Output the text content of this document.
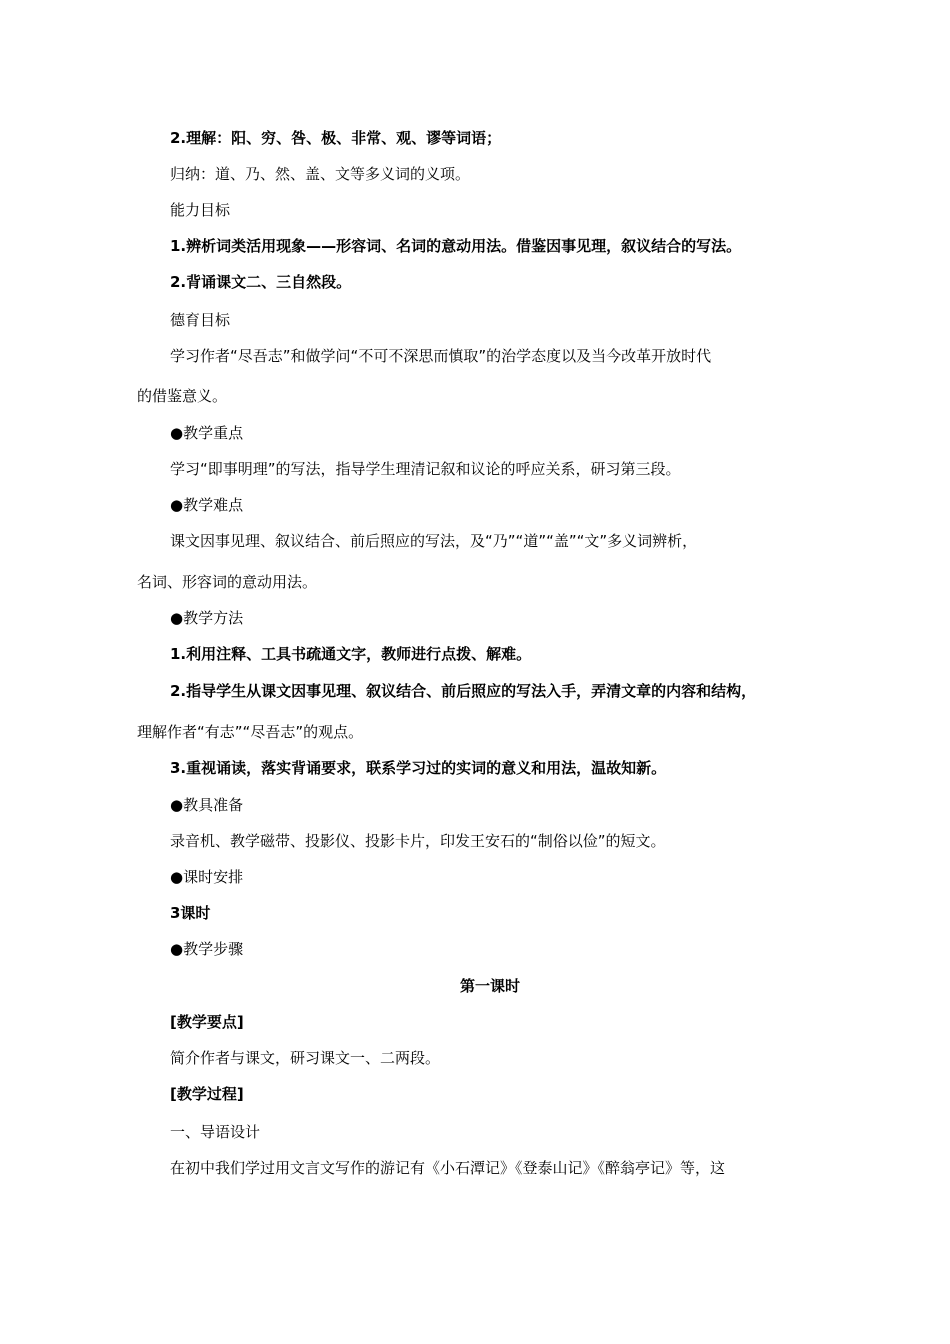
2.理解：阳、穷、咎、极、非常、观、谬等词语；
归纳：道、乃、然、盖、文等多义词的义项。
能力目标
1.辨析词类活用现象——形容词、名词的意动用法。借鉴因事见理，叙议结合的写法。
2.背诵课文二、三自然段。
德育目标
学习作者“尽吾志”和做学问“不可不深思而慎取”的治学态度以及当今改革开放时代
的借鉴意义。
●教学重点
学习“即事明理”的写法，指导学生理清记叙和议论的呼应关系，研习第三段。
●教学难点
课文因事见理、叙议结合、前后照应的写法，及“乃”“道”“盖”“文”多义词辨析，
名词、形容词的意动用法。
●教学方法
1.利用注释、工具书疏通文字，教师进行点拨、解难。
2.指导学生从课文因事见理、叙议结合、前后照应的写法入手，弄清文章的内容和结构，
理解作者“有志”“尽吾志”的观点。
3.重视诵读，落实背诵要求，联系学习过的实词的意义和用法，温故知新。
●教具准备
录音机、教学磁带、投影仪、投影卡片，印发王安石的“制俗以俭”的短文。
●课时安排
3课时
●教学步骤
第一课时
[教学要点]
简介作者与课文，研习课文一、二两段。
[教学过程]
一、导语设计
在初中我们学过用文言文写作的游记有《小石潭记》《登泰山记》《醉翁亭记》等，这
